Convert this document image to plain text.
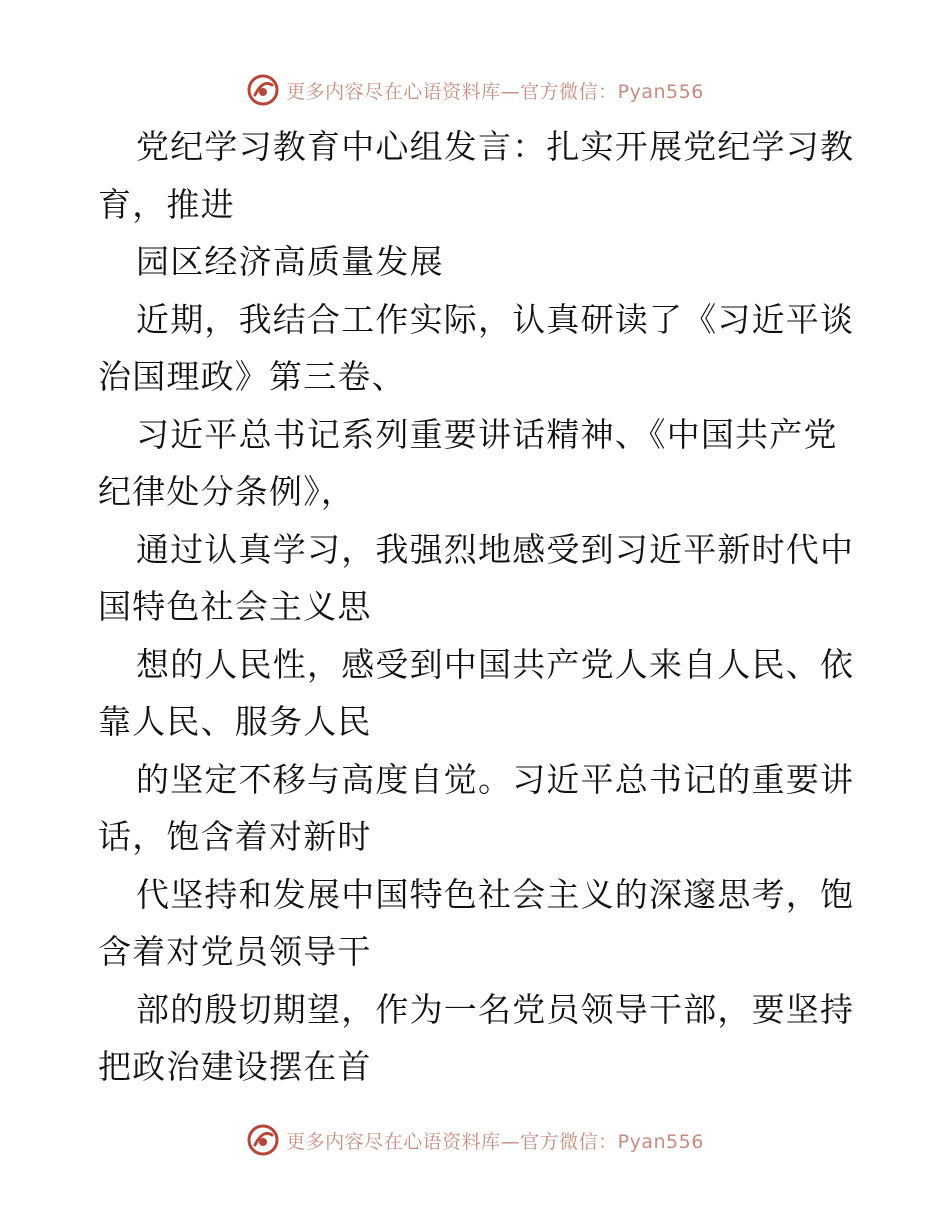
更多内容尽在心语资料库—官方微信：Pyan556
党纪学习教育中心组发言：扎实开展党纪学习教
育，推进
园区经济高质量发展
近期，我结合工作实际，认真研读了《习近平谈
治国理政》第三卷、
习近平总书记系列重要讲话精神、《中国共产党
纪律处分条例》，
通过认真学习，我强烈地感受到习近平新时代中
国特色社会主义思
想的人民性，感受到中国共产党人来自人民、依
靠人民、服务人民
的坚定不移与高度自觉。习近平总书记的重要讲
话，饱含着对新时
代坚持和发展中国特色社会主义的深邃思考，饱
含着对党员领导干
部的殷切期望，作为一名党员领导干部，要坚持
把政治建设摆在首
更多内容尽在心语资料库—官方微信：Pyan556
